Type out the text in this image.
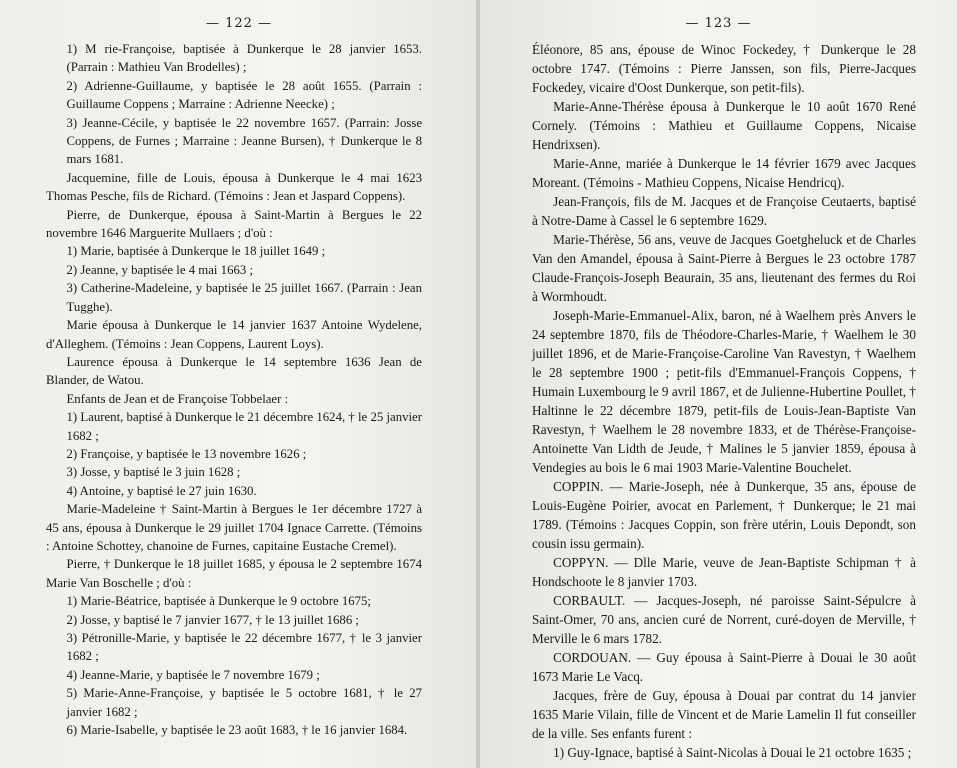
— 122 —

1) M rie-Françoise, baptisée à Dunkerque le 28 janvier 1653. (Parrain : Mathieu Van Brodelles) ;

2) Adrienne-Guillaume, y baptisée le 28 août 1655. (Parrain : Guillaume Coppens ; Marraine : Adrienne Neecke) ;

3) Jeanne-Cécile, y baptisée le 22 novembre 1657. (Parrain: Josse Coppens, de Furnes ; Marraine : Jeanne Bursen), † Dunkerque le 8 mars 1681.

Jacquemine, fille de Louis, épousa à Dunkerque le 4 mai 1623 Thomas Pesche, fils de Richard. (Témoins : Jean et Jaspard Coppens).

Pierre, de Dunkerque, épousa à Saint-Martin à Bergues le 22 novembre 1646 Marguerite Mullaers ; d'où :

1) Marie, baptisée à Dunkerque le 18 juillet 1649 ;

2) Jeanne, y baptisée le 4 mai 1663 ;

3) Catherine-Madeleine, y baptisée le 25 juillet 1667. (Parrain : Jean Tugghe).

Marie épousa à Dunkerque le 14 janvier 1637 Antoine Wydelene, d'Alleghem. (Témoins : Jean Coppens, Laurent Loys).

Laurence épousa à Dunkerque le 14 septembre 1636 Jean de Blander, de Watou.

Enfants de Jean et de Françoise Tobbelaer :

1) Laurent, baptisé à Dunkerque le 21 décembre 1624, † le 25 janvier 1682 ;

2) Françoise, y baptisée le 13 novembre 1626 ;

3) Josse, y baptisé le 3 juin 1628 ;

4) Antoine, y baptisé le 27 juin 1630.

Marie-Madeleine † Saint-Martin à Bergues le 1er décembre 1727 à 45 ans, épousa à Dunkerque le 29 juillet 1704 Ignace Carrette. (Témoins : Antoine Schottey, chanoine de Furnes, capitaine Eustache Cremel).

Pierre, † Dunkerque le 18 juillet 1685, y épousa le 2 septembre 1674 Marie Van Boschelle ; d'où :

1) Marie-Béatrice, baptisée à Dunkerque le 9 octobre 1675;

2) Josse, y baptisé le 7 janvier 1677, † le 13 juillet 1686 ;

3) Pétronille-Marie, y baptisée le 22 décembre 1677, † le 3 janvier 1682 ;

4) Jeanne-Marie, y baptisée le 7 novembre 1679 ;

5) Marie-Anne-Françoise, y baptisée le 5 octobre 1681, † le 27 janvier 1682 ;

6) Marie-Isabelle, y baptisée le 23 août 1683, † le 16 janvier 1684.

— 123 —

Éléonore, 85 ans, épouse de Winoc Fockedey, † Dunkerque le 28 octobre 1747. (Témoins : Pierre Janssen, son fils, Pierre-Jacques Fockedey, vicaire d'Oost Dunkerque, son petit-fils).

Marie-Anne-Thérèse épousa à Dunkerque le 10 août 1670 René Cornely. (Témoins : Mathieu et Guillaume Coppens, Nicaise Hendrixsen).

Marie-Anne, mariée à Dunkerque le 14 février 1679 avec Jacques Moreant. (Témoins - Mathieu Coppens, Nicaise Hendricq).

Jean-François, fils de M. Jacques et de Françoise Ceutaerts, baptisé à Notre-Dame à Cassel le 6 septembre 1629.

Marie-Thérèse, 56 ans, veuve de Jacques Goetgheluck et de Charles Van den Amandel, épousa à Saint-Pierre à Bergues le 23 octobre 1787 Claude-François-Joseph Beaurain, 35 ans, lieutenant des fermes du Roi à Wormhoudt.

Joseph-Marie-Emmanuel-Alix, baron, né à Waelhem près Anvers le 24 septembre 1870, fils de Théodore-Charles-Marie, † Waelhem le 30 juillet 1896, et de Marie-Françoise-Caroline Van Ravestyn, † Waelhem le 28 septembre 1900 ; petit-fils d'Emmanuel-François Coppens, † Humain Luxembourg le 9 avril 1867, et de Julienne-Hubertine Poullet, † Haltinne le 22 décembre 1879, petit-fils de Louis-Jean-Baptiste Van Ravestyn, † Waelhem le 28 novembre 1833, et de Thérèse-Françoise-Antoinette Van Lidth de Jeude, † Malines le 5 janvier 1859, épousa à Vendegies au bois le 6 mai 1903 Marie-Valentine Bouchelet.

COPPIN. — Marie-Joseph, née à Dunkerque, 35 ans, épouse de Louis-Eugène Poirier, avocat en Parlement, † Dunkerque; le 21 mai 1789. (Témoins : Jacques Coppin, son frère utérin, Louis Depondt, son cousin issu germain).

COPPYN. — Dlle Marie, veuve de Jean-Baptiste Schipman † à Hondschoote le 8 janvier 1703.

CORBAULT. — Jacques-Joseph, né paroisse Saint-Sépulcre à Saint-Omer, 70 ans, ancien curé de Norrent, curé-doyen de Merville, † Merville le 6 mars 1782.

CORDOUAN. — Guy épousa à Saint-Pierre à Douai le 30 août 1673 Marie Le Vacq.

Jacques, frère de Guy, épousa à Douai par contrat du 14 janvier 1635 Marie Vilain, fille de Vincent et de Marie Lamelin Il fut conseiller de la ville. Ses enfants furent :

1) Guy-Ignace, baptisé à Saint-Nicolas à Douai le 21 octobre 1635 ;
